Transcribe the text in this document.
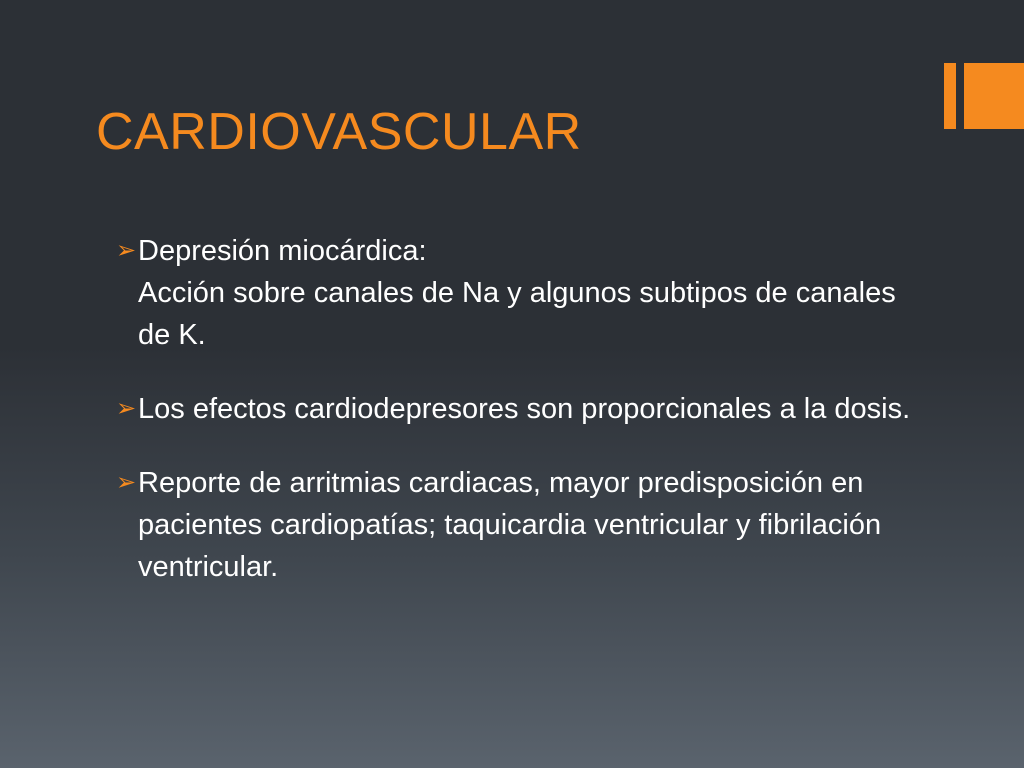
CARDIOVASCULAR

➢ Depresión miocárdica:

Acción sobre canales de Na y algunos subtipos de canales de K.

➢ Los efectos cardiodepresores son proporcionales a la dosis.

➢ Reporte de arritmias cardiacas, mayor predisposición en pacientes cardiopatías; taquicardia ventricular y fibrilación ventricular.
